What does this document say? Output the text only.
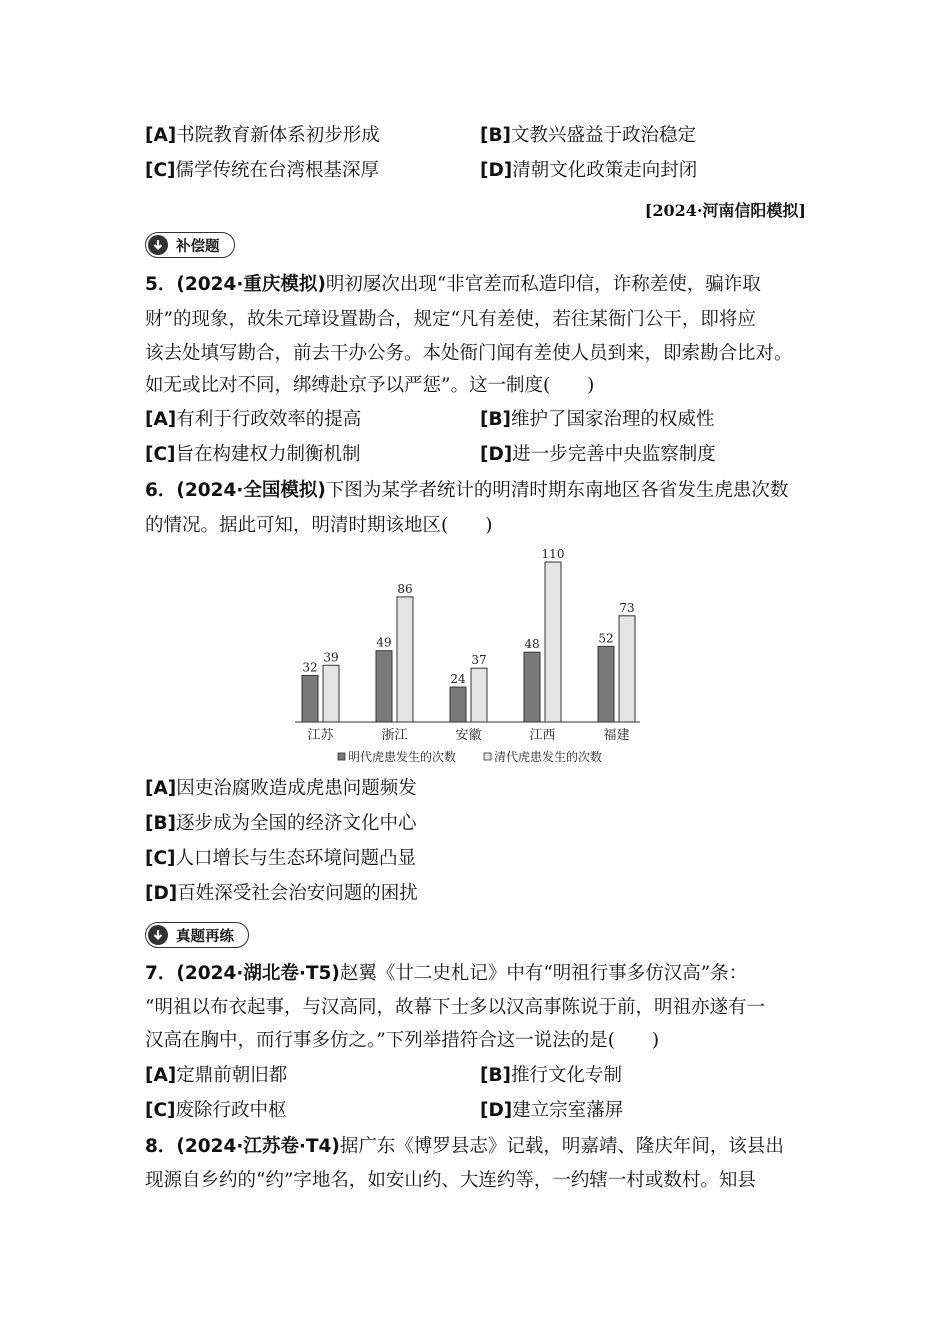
[A]书院教育新体系初步形成	[B]文教兴盛益于政治稳定
[C]儒学传统在台湾根基深厚	[D]清朝文化政策走向封闭
[2024·河南信阳模拟]
补偿题
5．(2024·重庆模拟)明初屡次出现“非官差而私造印信，诈称差使，骗诈取
财”的现象，故朱元璋设置勘合，规定“凡有差使，若往某衙门公干，即将应
该去处填写勘合，前去干办公务。本处衙门闻有差使人员到来，即索勘合比对。
如无或比对不同，绑缚赴京予以严惩”。这一制度(　　)
[A]有利于行政效率的提高	[B]维护了国家治理的权威性
[C]旨在构建权力制衡机制	[D]进一步完善中央监察制度
6．(2024·全国模拟)下图为某学者统计的明清时期东南地区各省发生虎患次数
的情况。据此可知，明清时期该地区(　　)
32
39
江苏
49
86
浙江
24
37
安徽
48
110
江西
52
73
福建
明代虎患发生的次数	清代虎患发生的次数
[A]因吏治腐败造成虎患问题频发
[B]逐步成为全国的经济文化中心
[C]人口增长与生态环境问题凸显
[D]百姓深受社会治安问题的困扰
真题再练
7．(2024·湖北卷·T5)赵翼《廿二史札记》中有“明祖行事多仿汉高”条：
“明祖以布衣起事，与汉高同，故幕下士多以汉高事陈说于前，明祖亦遂有一
汉高在胸中，而行事多仿之。”下列举措符合这一说法的是(　　)
[A]定鼎前朝旧都	[B]推行文化专制
[C]废除行政中枢	[D]建立宗室藩屏
8．(2024·江苏卷·T4)据广东《博罗县志》记载，明嘉靖、隆庆年间，该县出
现源自乡约的“约”字地名，如安山约、大连约等，一约辖一村或数村。知县
